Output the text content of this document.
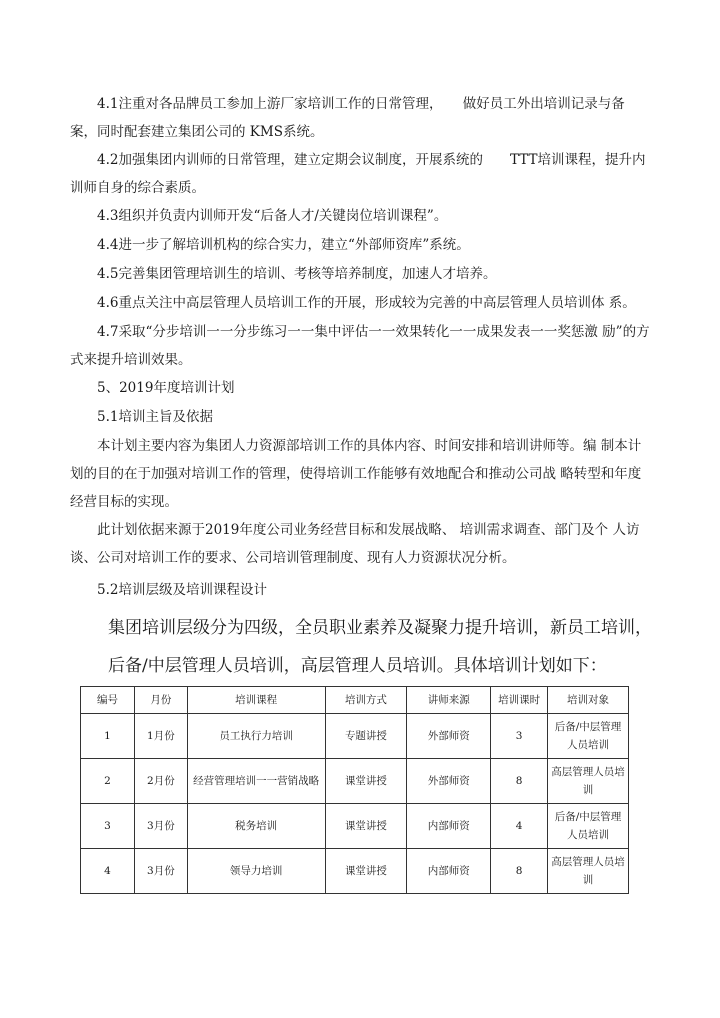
4.1注重对各品牌员工参加上游厂家培训工作的日常管理，　　做好员工外出培训记录与备案，同时配套建立集团公司的 KMS系统。

4.2加强集团内训师的日常管理，建立定期会议制度，开展系统的　　TTT培训课程，提升内训师自身的综合素质。

4.3组织并负责内训师开发“后备人才/关键岗位培训课程”。

4.4进一步了解培训机构的综合实力，建立“外部师资库”系统。

4.5完善集团管理培训生的培训、考核等培养制度，加速人才培养。

4.6重点关注中高层管理人员培训工作的开展，形成较为完善的中高层管理人员培训体 系。

4.7采取“分步培训一一分步练习一一集中评估一一效果转化一一成果发表一一奖惩激 励”的方式来提升培训效果。

5、2019年度培训计划

5.1培训主旨及依据

本计划主要内容为集团人力资源部培训工作的具体内容、时间安排和培训讲师等。编 制本计划的目的在于加强对培训工作的管理，使得培训工作能够有效地配合和推动公司战 略转型和年度经营目标的实现。

此计划依据来源于2019年度公司业务经营目标和发展战略、 培训需求调查、部门及个 人访谈、公司对培训工作的要求、公司培训管理制度、现有人力资源状况分析。

5.2培训层级及培训课程设计

集团培训层级分为四级，全员职业素养及凝聚力提升培训，新员工培训，

后备/中层管理人员培训，高层管理人员培训。具体培训计划如下：

编号	月份	培训课程	培训方式	讲师来源	培训课时	培训对象
1	1月份	员工执行力培训	专题讲授	外部师资	3	后备/中层管理 人员培训
2	2月份	经营管理培训一一营销战略	课堂讲授	外部师资	8	高层管理人员培训
3	3月份	税务培训	课堂讲授	内部师资	4	后备/中层管理 人员培训
4	3月份	领导力培训	课堂讲授	内部师资	8	高层管理人员培训
